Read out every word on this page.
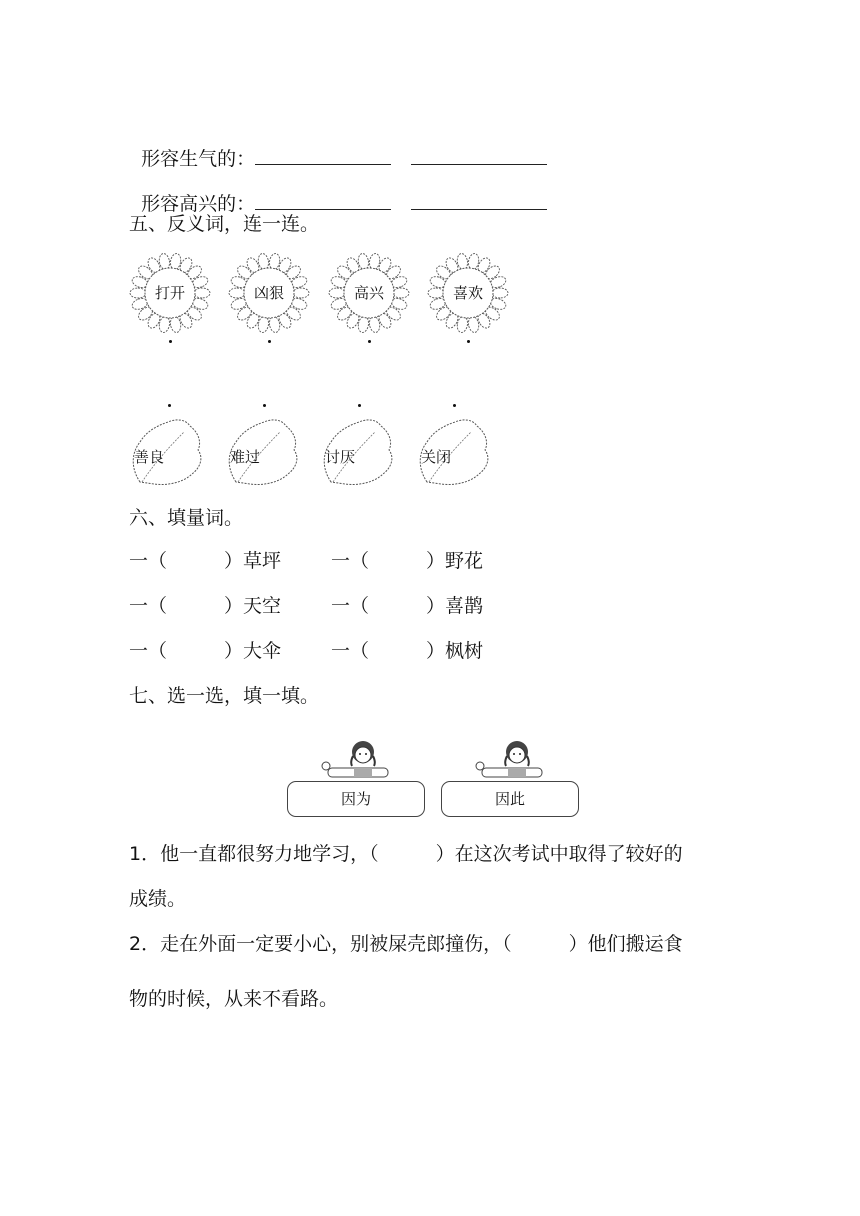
形容生气的：

形容高兴的：

五、反义词，连一连。
打开	凶狠	高兴	喜欢
善良	难过	讨厌	关闭
六、填量词。
一（　　　）草坪	一（　　　）野花
一（　　　）天空	一（　　　）喜鹊
一（　　　）大伞	一（　　　）枫树
七、选一选，填一填。
因为	因此
1．他一直都很努力地学习，（　　　）在这次考试中取得了较好的
成绩。
2．走在外面一定要小心，别被屎壳郎撞伤，（　　　）他们搬运食
物的时候，从来不看路。
